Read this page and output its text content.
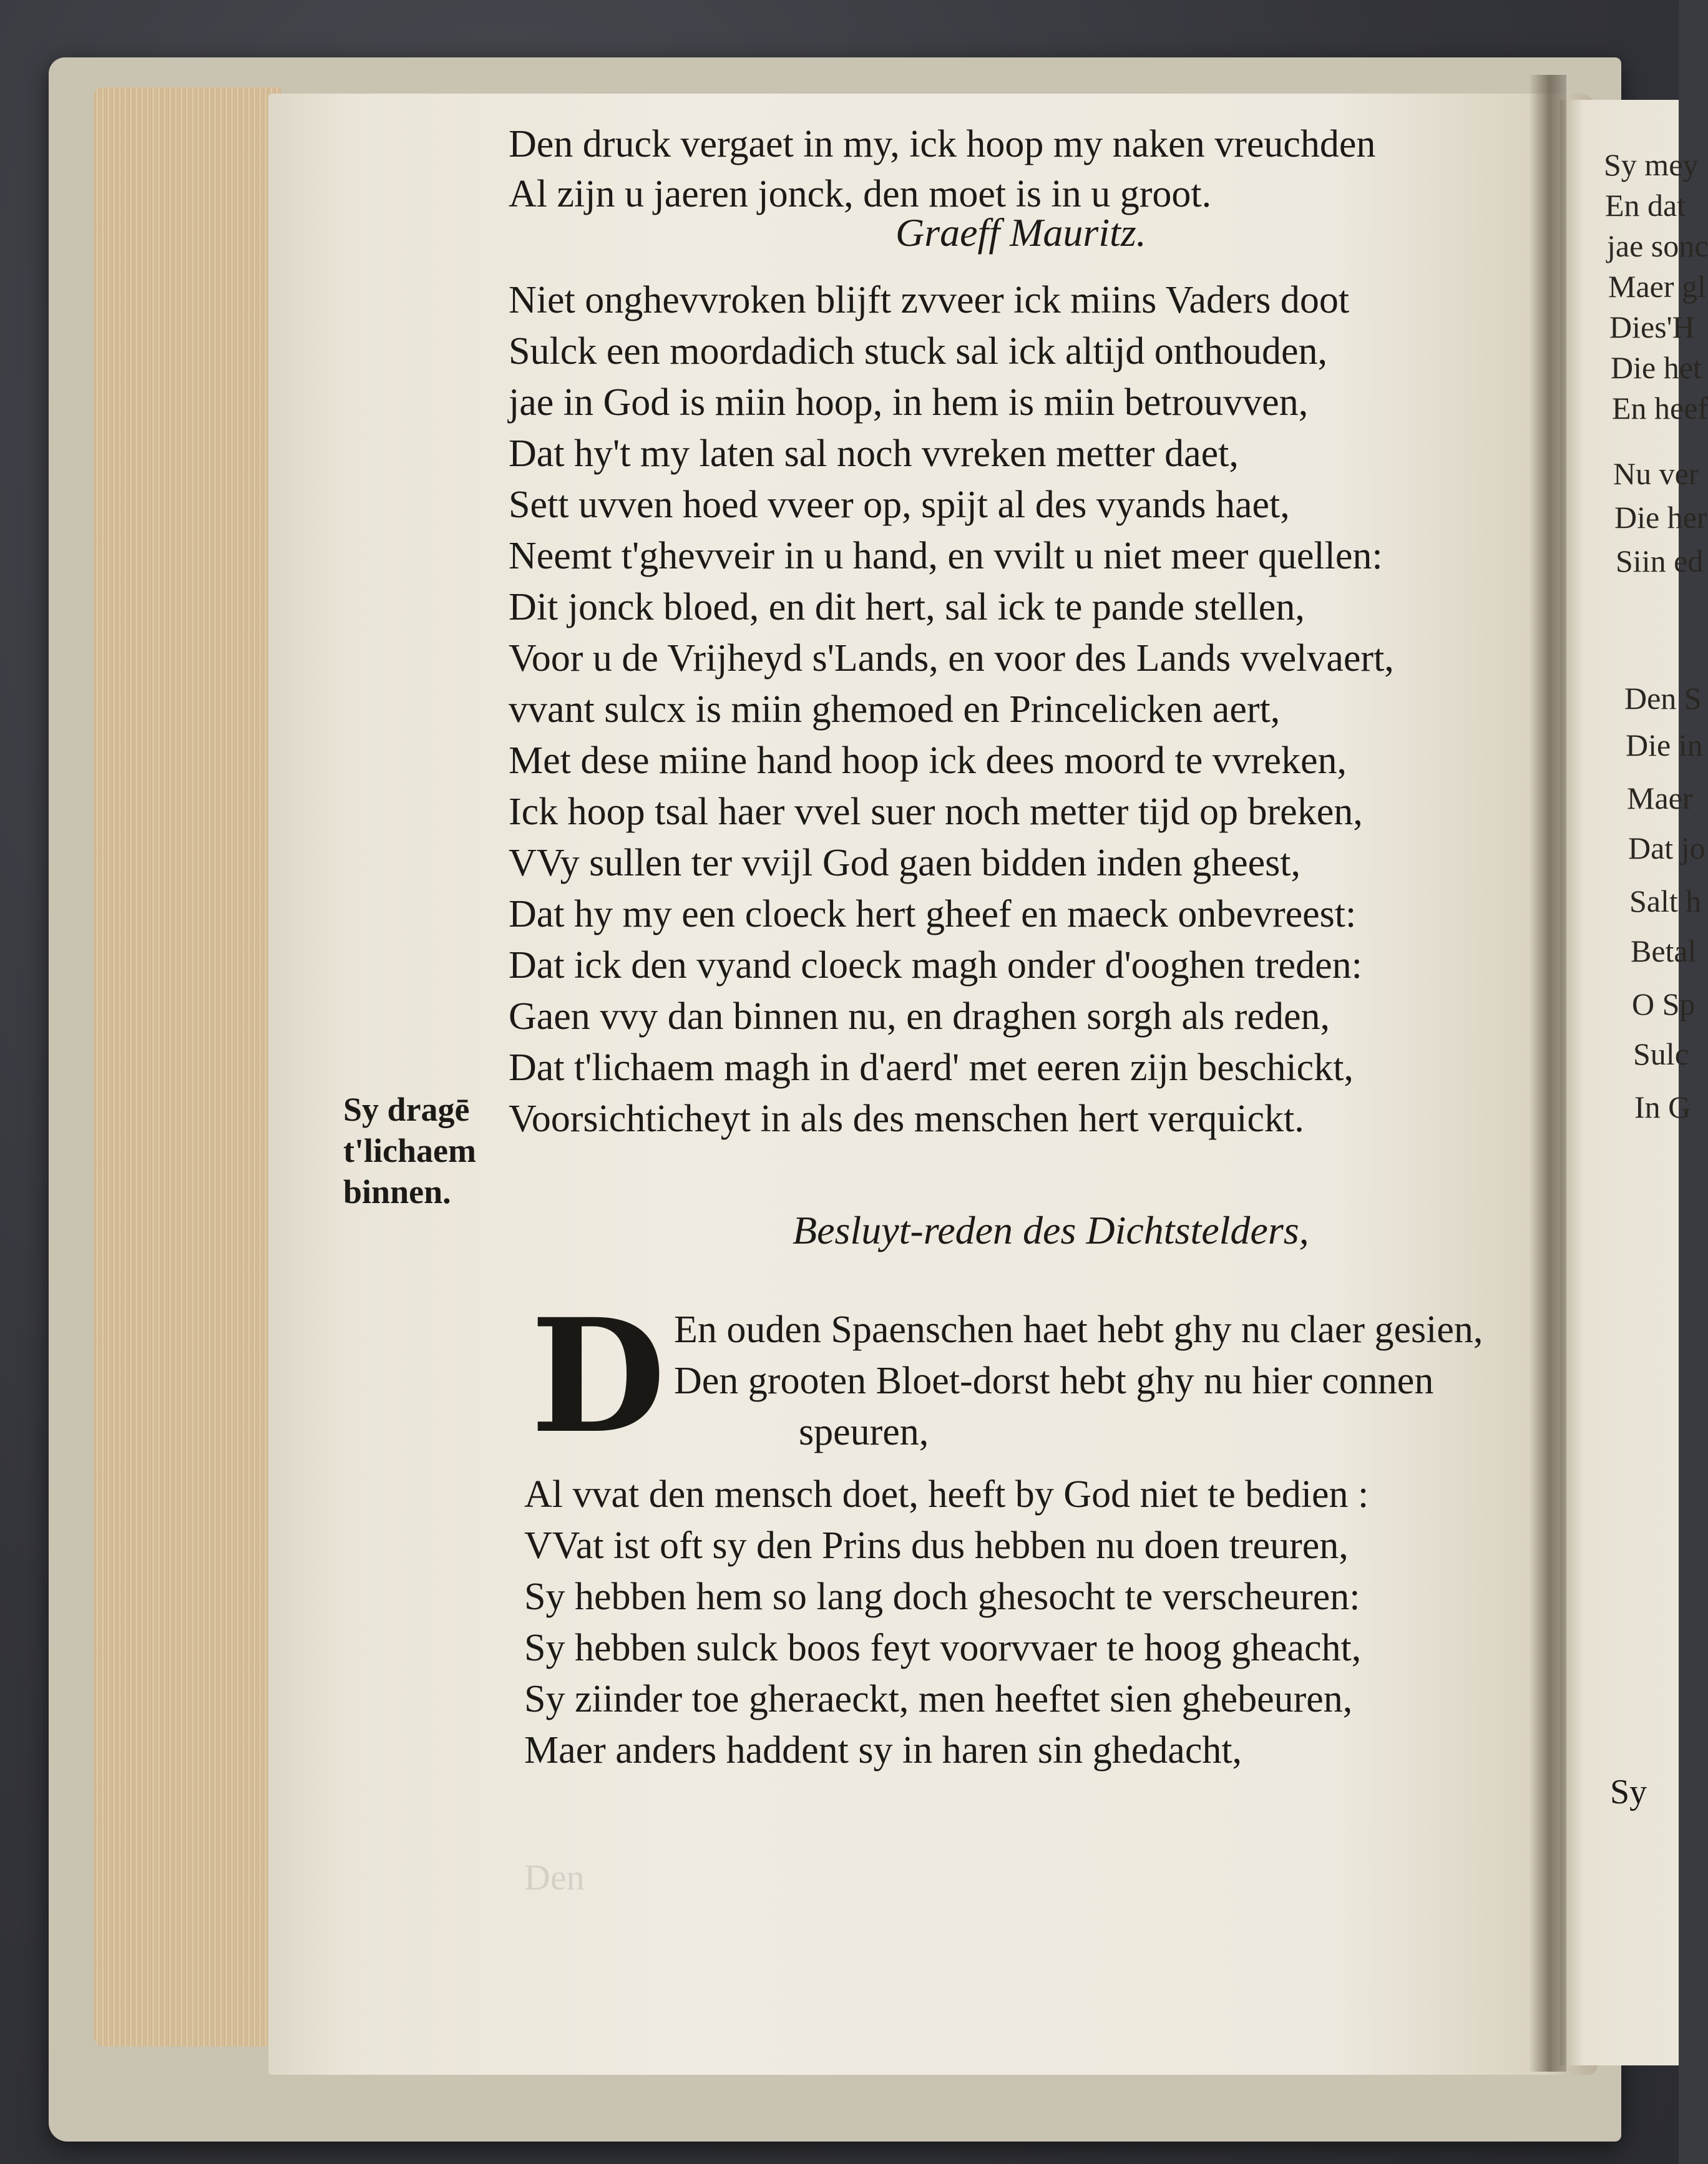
Den
Den druck vergaet in my, ick hoop my naken vreuchden
Al zijn u jaeren jonck, den moet is in u groot.
Graeff Mauritz.
Niet onghevvroken blijft zvveer ick miins Vaders doot
Sulck een moordadich stuck sal ick altijd onthouden,
jae in God is miin hoop, in hem is miin betrouvven,
Dat hy't my laten sal noch vvreken metter daet,
Sett uvven hoed vveer op, spijt al des vyands haet,
Neemt t'ghevveir in u hand, en vvilt u niet meer quellen:
Dit jonck bloed, en dit hert, sal ick te pande stellen,
Voor u de Vrijheyd s'Lands, en voor des Lands vvelvaert,
vvant sulcx is miin ghemoed en Princelicken aert,
Met dese miine hand hoop ick dees moord te vvreken,
Ick hoop tsal haer vvel suer noch metter tijd op breken,
VVy sullen ter vvijl God gaen bidden inden gheest,
Dat hy my een cloeck hert gheef en maeck onbevreest:
Dat ick den vyand cloeck magh onder d'ooghen treden:
Gaen vvy dan binnen nu, en draghen sorgh als reden,
Dat t'lichaem magh in d'aerd' met eeren zijn beschickt,
Voorsichticheyt in als des menschen hert verquickt.
Sy dragē
t'lichaem
binnen.
Besluyt-reden des Dichtstelders,
D En ouden Spaenschen haet hebt ghy nu claer gesien,
Den grooten Bloet-dorst hebt ghy nu hier connen
speuren,
Al vvat den mensch doet, heeft by God niet te bedien :
VVat ist oft sy den Prins dus hebben nu doen treuren,
Sy hebben hem so lang doch ghesocht te verscheuren:
Sy hebben sulck boos feyt voorvvaer te hoog gheacht,
Sy ziinder toe gheraeckt, men heeftet sien ghebeuren,
Maer anders haddent sy in haren sin ghedacht,
Sy
Sy mey
En dat
jae sonc
Maer gl
Dies'H
Die het
En heef
Nu ver
Die her
Siin ed
Den S
Die in
Maer
Dat jo
Salt h
Betal
O Sp
Sulc
In G
